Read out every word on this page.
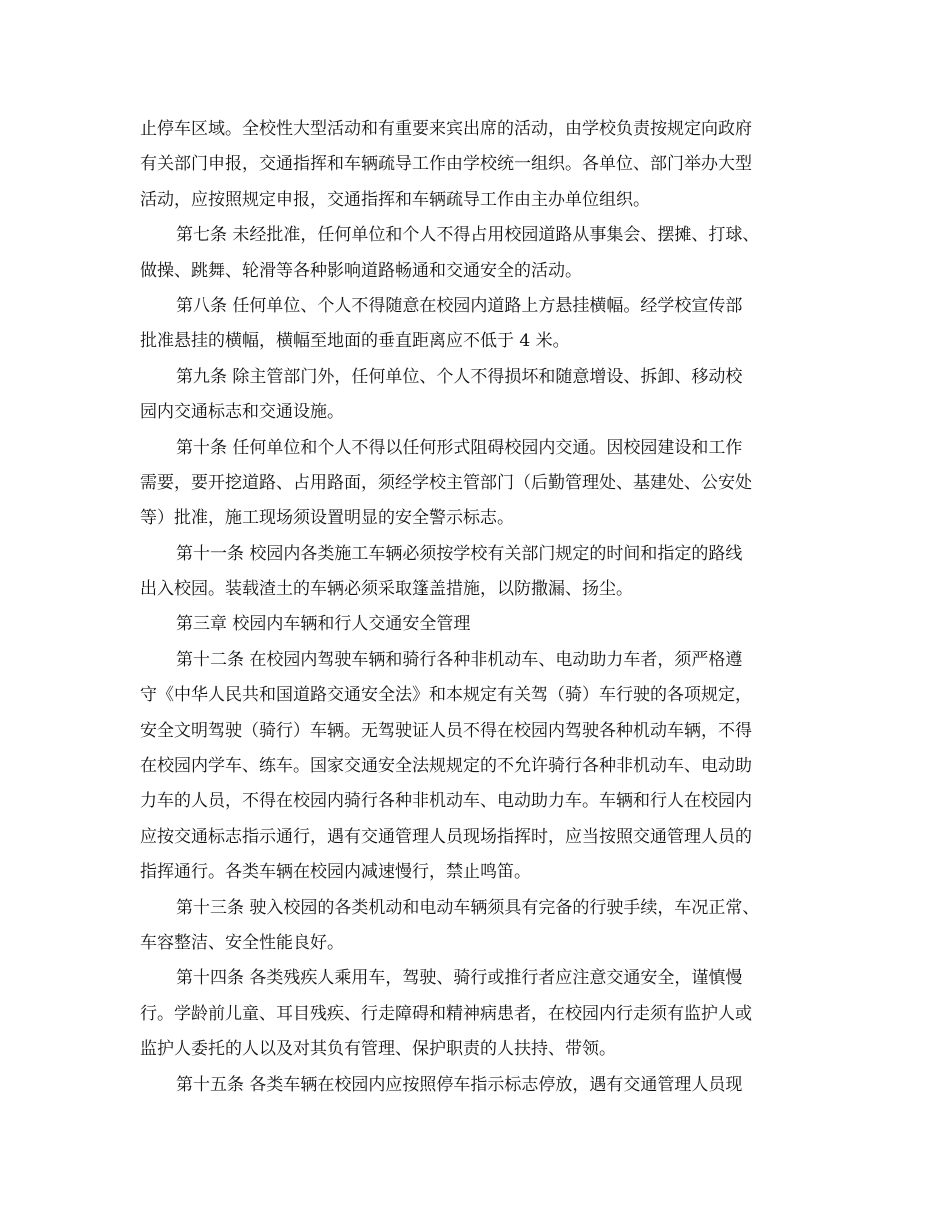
止停车区域。全校性大型活动和有重要来宾出席的活动，由学校负责按规定向政府
有关部门申报，交通指挥和车辆疏导工作由学校统一组织。各单位、部门举办大型
活动，应按照规定申报，交通指挥和车辆疏导工作由主办单位组织。
第七条 未经批准，任何单位和个人不得占用校园道路从事集会、摆摊、打球、
做操、跳舞、轮滑等各种影响道路畅通和交通安全的活动。
第八条 任何单位、个人不得随意在校园内道路上方悬挂横幅。经学校宣传部
批准悬挂的横幅，横幅至地面的垂直距离应不低于 4 米。
第九条 除主管部门外，任何单位、个人不得损坏和随意增设、拆卸、移动校
园内交通标志和交通设施。
第十条 任何单位和个人不得以任何形式阻碍校园内交通。因校园建设和工作
需要，要开挖道路、占用路面，须经学校主管部门（后勤管理处、基建处、公安处
等）批准，施工现场须设置明显的安全警示标志。
第十一条 校园内各类施工车辆必须按学校有关部门规定的时间和指定的路线
出入校园。装载渣土的车辆必须采取篷盖措施，以防撒漏、扬尘。
第三章 校园内车辆和行人交通安全管理
第十二条 在校园内驾驶车辆和骑行各种非机动车、电动助力车者，须严格遵
守《中华人民共和国道路交通安全法》和本规定有关驾（骑）车行驶的各项规定，
安全文明驾驶（骑行）车辆。无驾驶证人员不得在校园内驾驶各种机动车辆，不得
在校园内学车、练车。国家交通安全法规规定的不允许骑行各种非机动车、电动助
力车的人员，不得在校园内骑行各种非机动车、电动助力车。车辆和行人在校园内
应按交通标志指示通行，遇有交通管理人员现场指挥时，应当按照交通管理人员的
指挥通行。各类车辆在校园内减速慢行，禁止鸣笛。
第十三条 驶入校园的各类机动和电动车辆须具有完备的行驶手续，车况正常、
车容整洁、安全性能良好。
第十四条 各类残疾人乘用车，驾驶、骑行或推行者应注意交通安全，谨慎慢
行。学龄前儿童、耳目残疾、行走障碍和精神病患者，在校园内行走须有监护人或
监护人委托的人以及对其负有管理、保护职责的人扶持、带领。
第十五条 各类车辆在校园内应按照停车指示标志停放，遇有交通管理人员现
